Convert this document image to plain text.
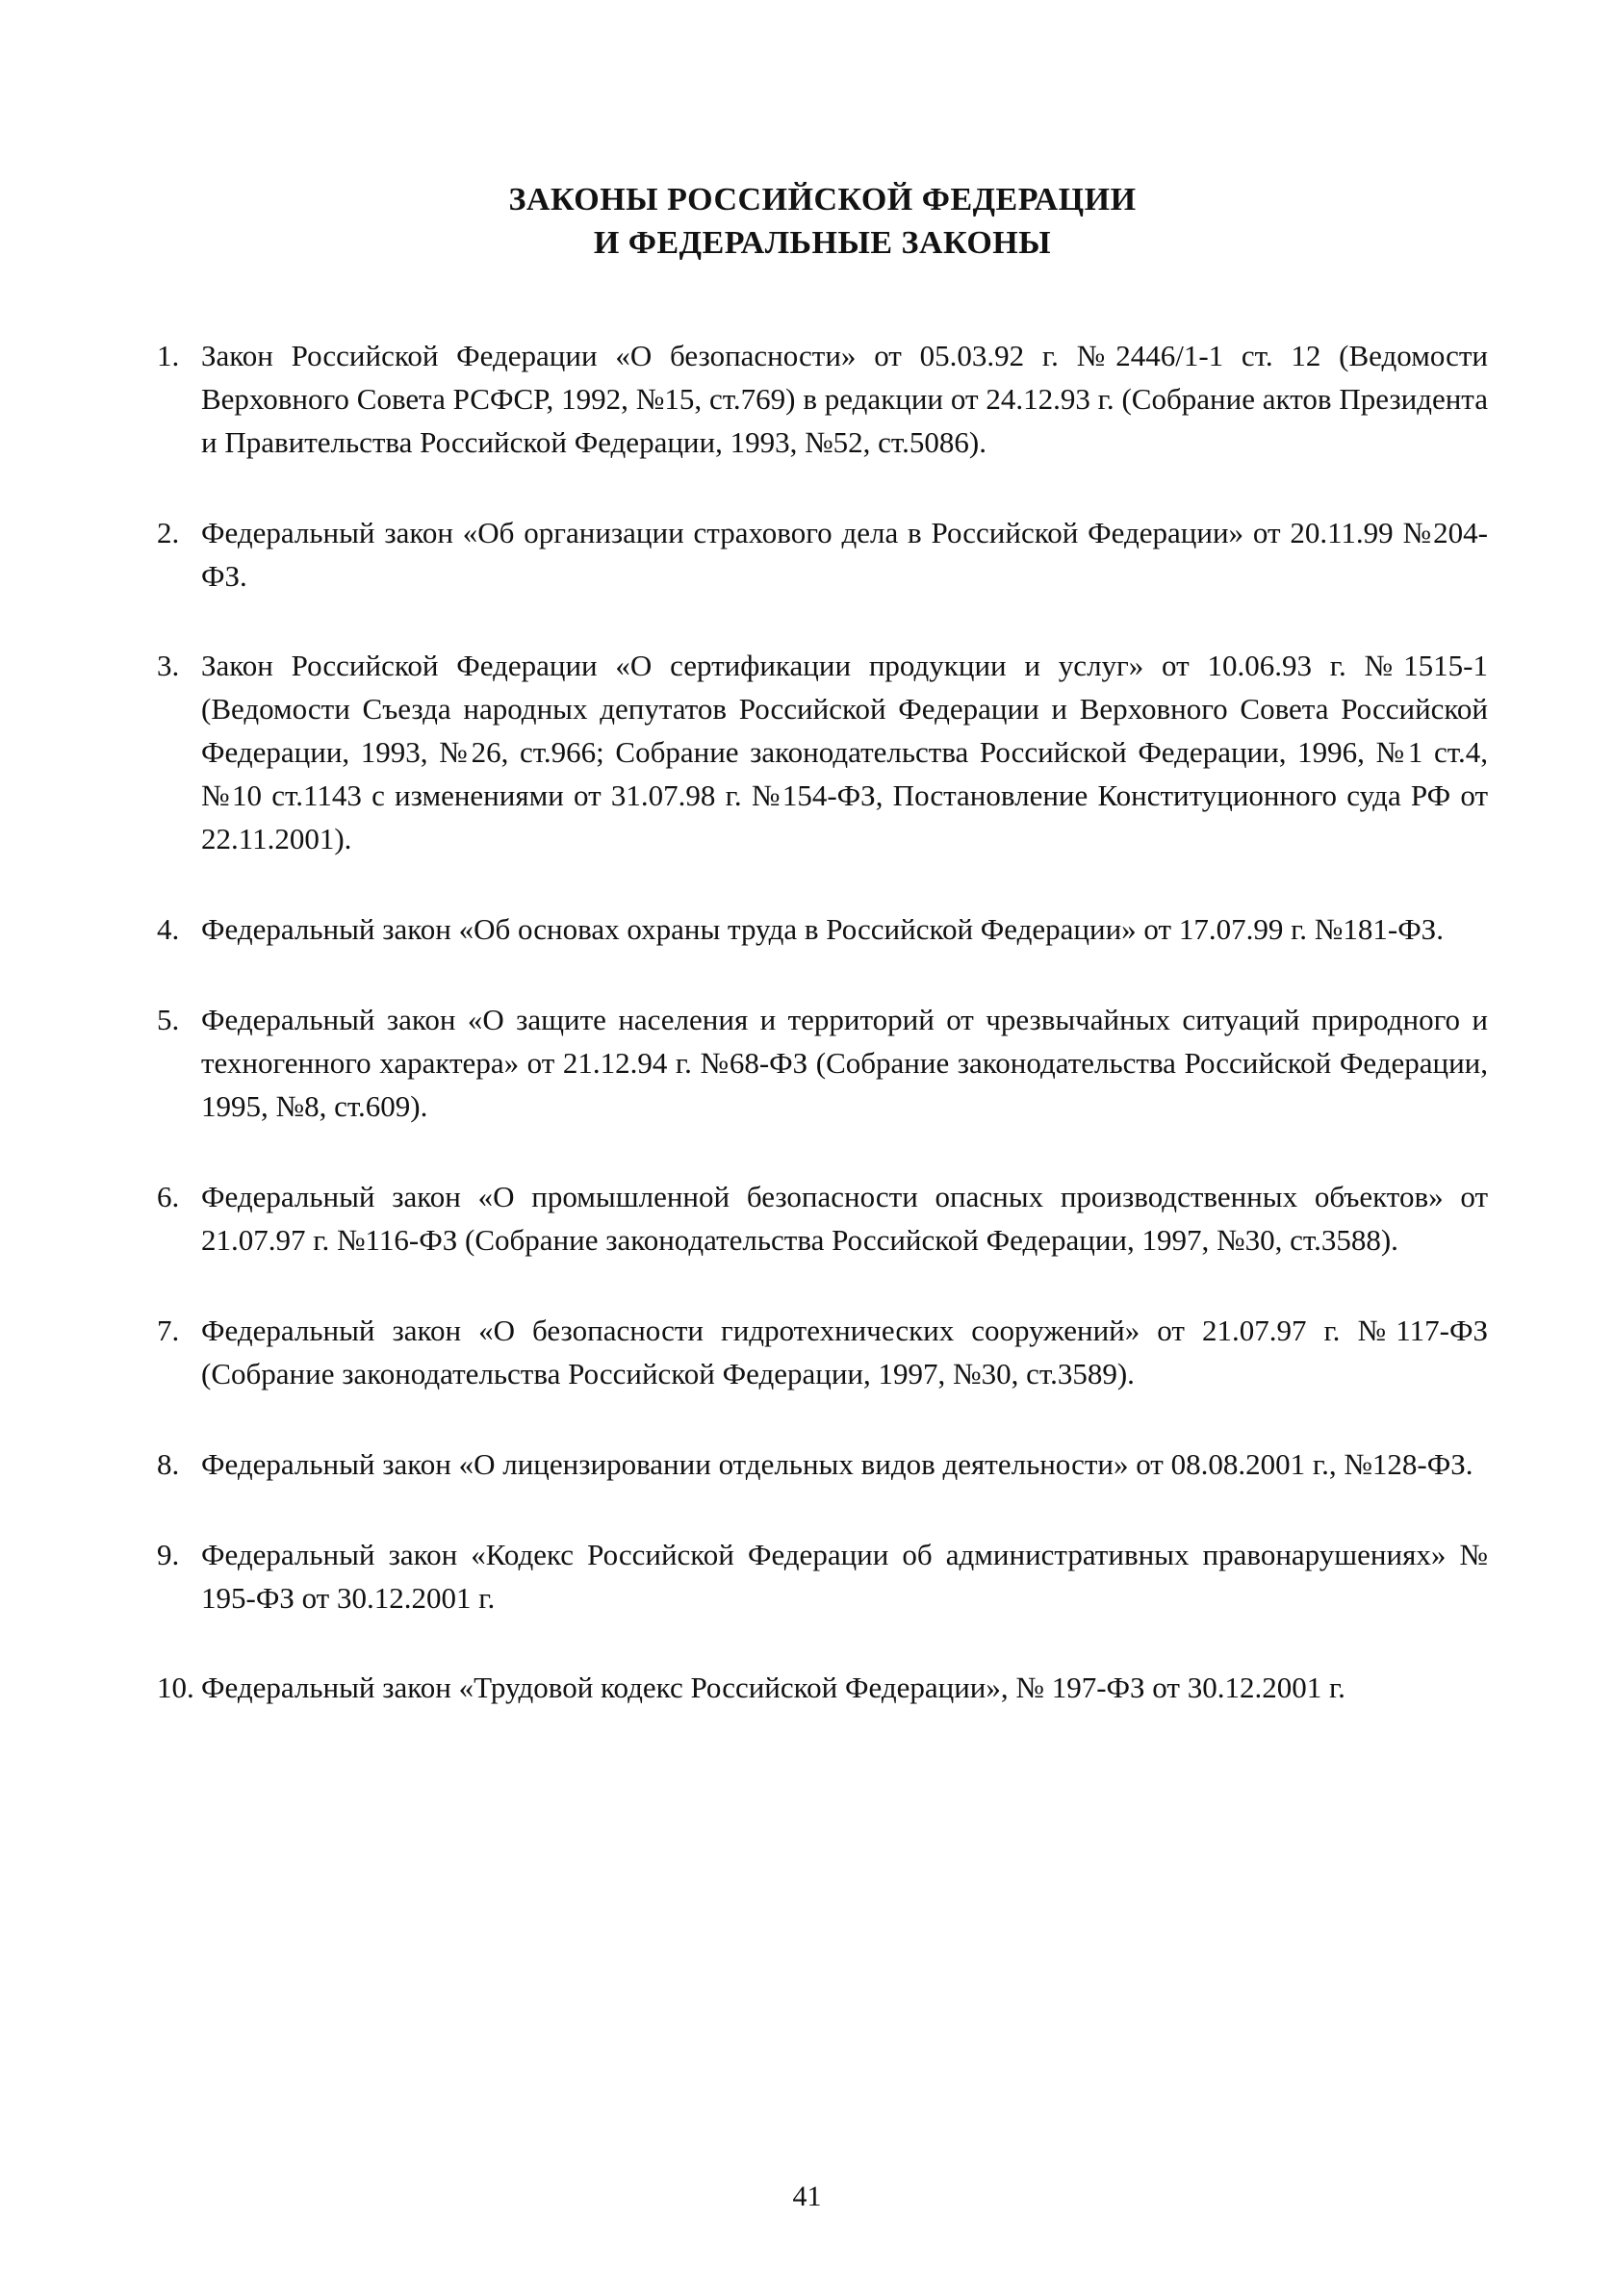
ЗАКОНЫ РОССИЙСКОЙ ФЕДЕРАЦИИ
И ФЕДЕРАЛЬНЫЕ ЗАКОНЫ
1. Закон Российской Федерации «О безопасности» от 05.03.92 г. №2446/1-1 ст. 12 (Ведомости Верховного Совета РСФСР, 1992, №15, ст.769) в редакции от 24.12.93 г. (Собрание актов Президента и Правительства Российской Федерации, 1993, №52, ст.5086).
2. Федеральный закон «Об организации страхового дела в Российской Федерации» от 20.11.99 №204-ФЗ.
3. Закон Российской Федерации «О сертификации продукции и услуг» от 10.06.93 г. №1515-1 (Ведомости Съезда народных депутатов Российской Федерации и Верховного Совета Российской Федерации, 1993, №26, ст.966; Собрание законодательства Российской Федерации, 1996, №1 ст.4, №10 ст.1143 с изменениями от 31.07.98 г. №154-ФЗ, Постановление Конституционного суда РФ от 22.11.2001).
4. Федеральный закон «Об основах охраны труда в Российской Федерации» от 17.07.99 г. №181-ФЗ.
5. Федеральный закон «О защите населения и территорий от чрезвычайных ситуаций природного и техногенного характера» от 21.12.94 г. №68-ФЗ (Собрание законодательства Российской Федерации, 1995, №8, ст.609).
6. Федеральный закон «О промышленной безопасности опасных производственных объектов» от 21.07.97 г. №116-ФЗ (Собрание законодательства Российской Федерации, 1997, №30, ст.3588).
7. Федеральный закон «О безопасности гидротехнических сооружений» от 21.07.97 г. №117-ФЗ (Собрание законодательства Российской Федерации, 1997, №30, ст.3589).
8. Федеральный закон «О лицензировании отдельных видов деятельности» от 08.08.2001 г., №128-ФЗ.
9. Федеральный закон «Кодекс Российской Федерации об административных правонарушениях» № 195-ФЗ от 30.12.2001 г.
10. Федеральный закон «Трудовой кодекс Российской Федерации», № 197-ФЗ от 30.12.2001 г.
41
